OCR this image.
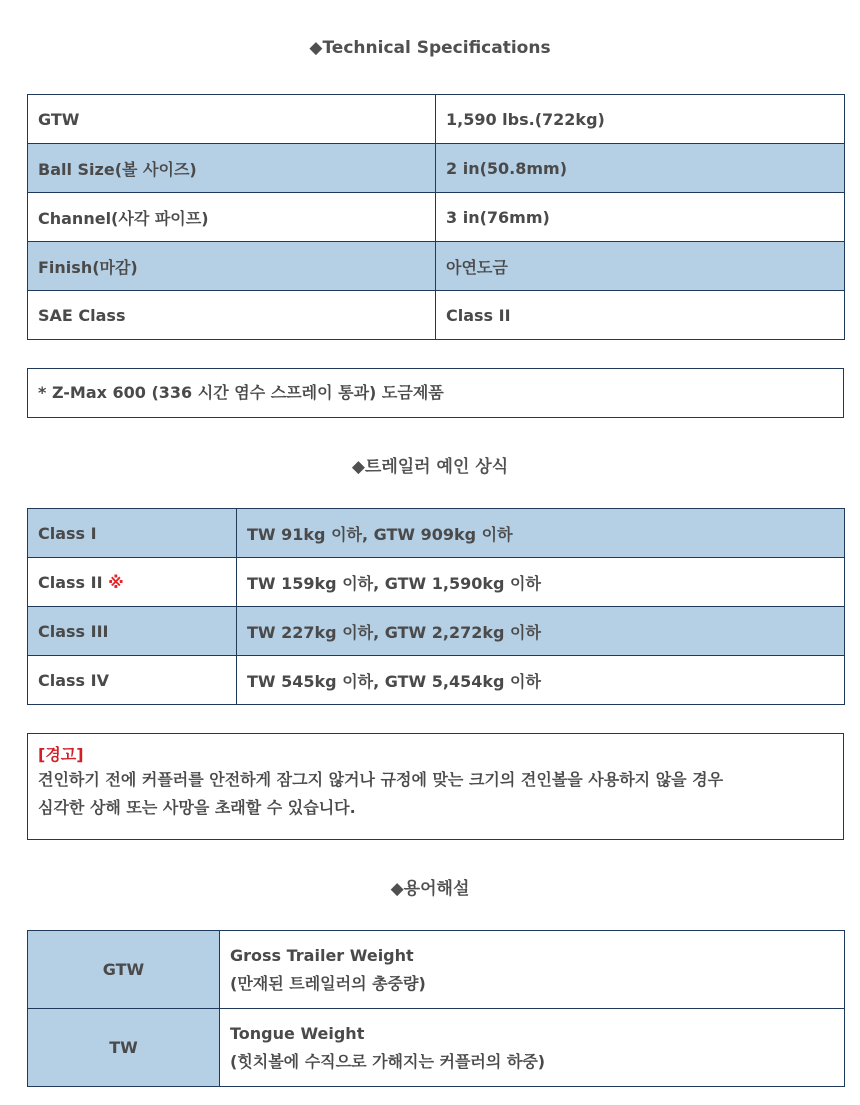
◆Technical Specifications
GTW	1,590 lbs.(722kg)
Ball Size(볼 사이즈)	2 in(50.8mm)
Channel(사각 파이프)	3 in(76mm)
Finish(마감)	아연도금
SAE Class	Class II
* Z-Max 600 (336 시간 염수 스프레이 통과) 도금제품
◆트레일러 예인 상식
Class I	TW 91kg 이하, GTW 909kg 이하
Class II ※	TW 159kg 이하, GTW 1,590kg 이하
Class III	TW 227kg 이하, GTW 2,272kg 이하
Class IV	TW 545kg 이하, GTW 5,454kg 이하
[경고]
견인하기 전에 커플러를 안전하게 잠그지 않거나 규정에 맞는 크기의 견인볼을 사용하지 않을 경우
심각한 상해 또는 사망을 초래할 수 있습니다.
◆용어해설
GTW	Gross Trailer Weight
(만재된 트레일러의 총중량)

TW	Tongue Weight
(힛치볼에 수직으로 가해지는 커플러의 하중)
